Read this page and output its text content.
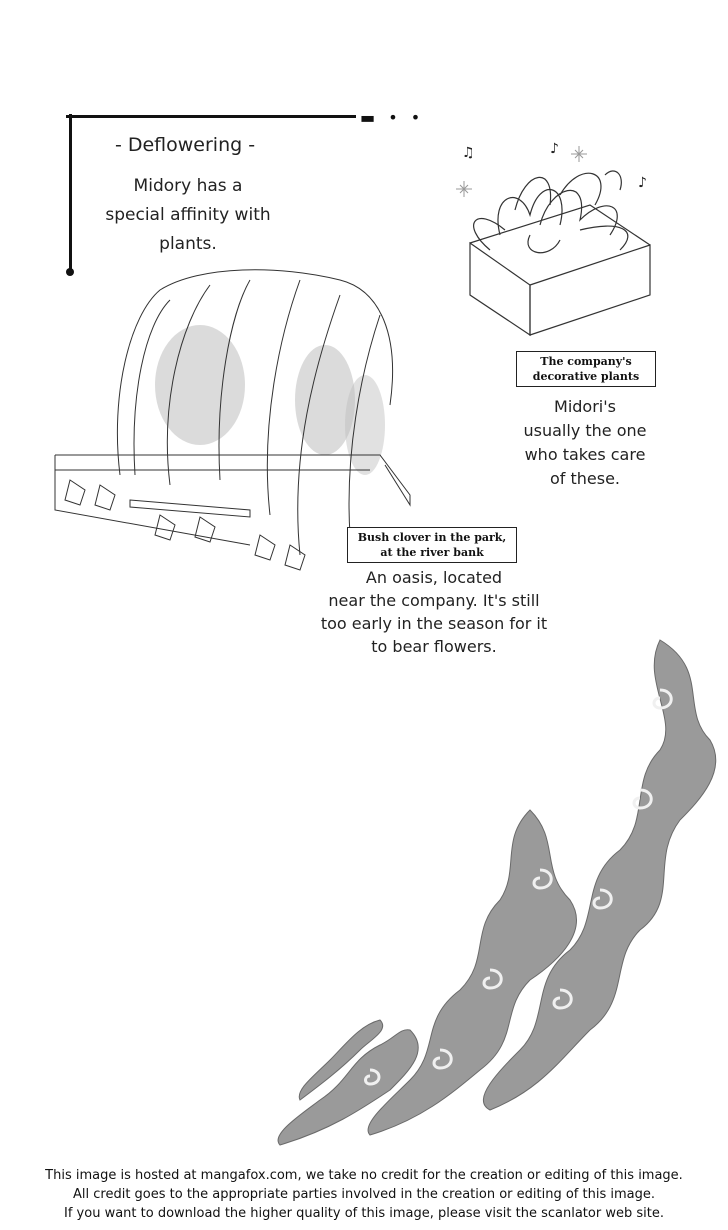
▬ • •
- Deflowering -
Midory has a
special affinity with
plants.
♫	♪
♪
The company's
decorative plants
Midori's
usually the one
who takes care
of these.
Bush clover in the park,
at the river bank
An oasis, located
near the company. It's still
too early in the season for it
to bear flowers.
This image is hosted at mangafox.com, we take no credit for the creation or editing of this image.
All credit goes to the appropriate parties involved in the creation or editing of this image.
If you want to download the higher quality of this image, please visit the scanlator web site.
